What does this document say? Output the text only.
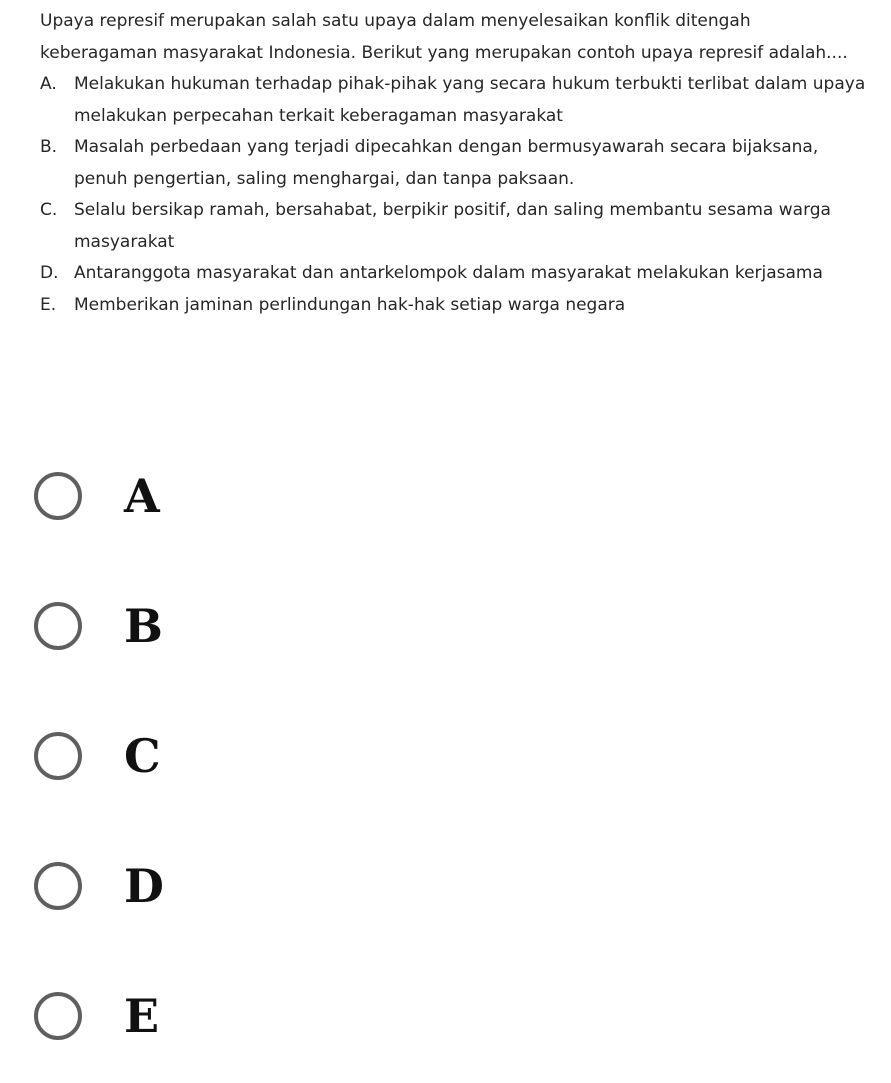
Upaya represif merupakan salah satu upaya dalam menyelesaikan konflik ditengah keberagaman masyarakat Indonesia. Berikut yang merupakan contoh upaya represif adalah....

A.	Melakukan hukuman terhadap pihak-pihak yang secara hukum terbukti terlibat dalam upaya melakukan perpecahan terkait keberagaman masyarakat
B. Masalah perbedaan yang terjadi dipecahkan dengan bermusyawarah secara bijaksana, penuh pengertian, saling menghargai, dan tanpa paksaan.
C. Selalu bersikap ramah, bersahabat, berpikir positif, dan saling membantu sesama warga masyarakat
D. Antaranggota masyarakat dan antarkelompok dalam masyarakat melakukan kerjasama
E.	Memberikan jaminan perlindungan hak-hak setiap warga negara
A
B
C
D
E
